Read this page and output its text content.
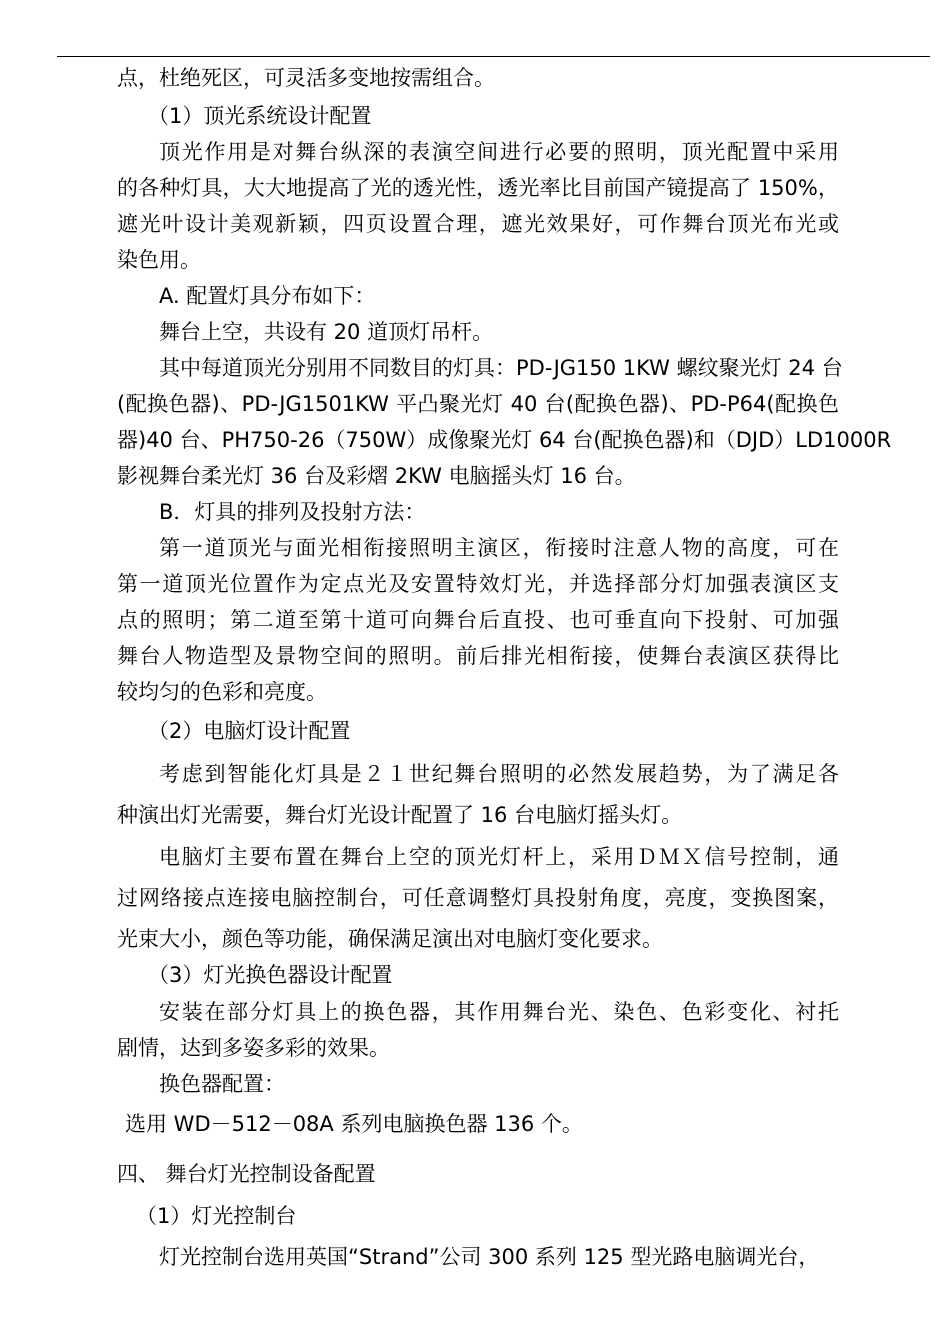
点，杜绝死区，可灵活多变地按需组合。
（1）顶光系统设计配置
顶光作用是对舞台纵深的表演空间进行必要的照明，顶光配置中采用
的各种灯具，大大地提高了光的透光性，透光率比目前国产镜提高了 150%，
遮光叶设计美观新颖，四页设置合理，遮光效果好，可作舞台顶光布光或
染色用。
A. 配置灯具分布如下：
舞台上空，共设有 20 道顶灯吊杆。
其中每道顶光分别用不同数目的灯具：PD-JG150 1KW 螺纹聚光灯 24 台
(配换色器)、PD-JG1501KW 平凸聚光灯 40 台(配换色器)、PD-P64(配换色
器)40 台、PH750-26（750W）成像聚光灯 64 台(配换色器)和（DJD）LD1000R
影视舞台柔光灯 36 台及彩熠 2KW 电脑摇头灯 16 台。
B．灯具的排列及投射方法：
第一道顶光与面光相衔接照明主演区，衔接时注意人物的高度，可在
第一道顶光位置作为定点光及安置特效灯光，并选择部分灯加强表演区支
点的照明；第二道至第十道可向舞台后直投、也可垂直向下投射、可加强
舞台人物造型及景物空间的照明。前后排光相衔接，使舞台表演区获得比
较均匀的色彩和亮度。
（2）电脑灯设计配置
考虑到智能化灯具是２１世纪舞台照明的必然发展趋势，为了满足各
种演出灯光需要，舞台灯光设计配置了 16 台电脑灯摇头灯。
电脑灯主要布置在舞台上空的顶光灯杆上，采用ＤＭＸ信号控制，通
过网络接点连接电脑控制台，可任意调整灯具投射角度，亮度，变换图案，
光束大小，颜色等功能，确保满足演出对电脑灯变化要求。
（3）灯光换色器设计配置
安装在部分灯具上的换色器，其作用舞台光、染色、色彩变化、衬托
剧情，达到多姿多彩的效果。
换色器配置：
选用 WD－512－08A 系列电脑换色器 136 个。
四、 舞台灯光控制设备配置
（1）灯光控制台
灯光控制台选用英国“Strand”公司 300 系列 125 型光路电脑调光台，
